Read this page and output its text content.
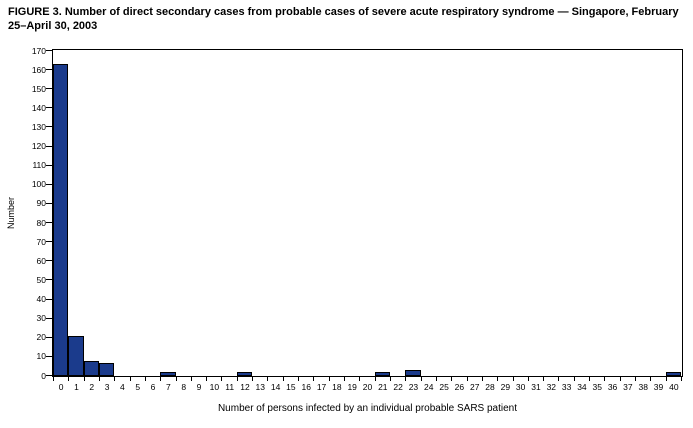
FIGURE 3. Number of direct secondary cases from probable cases of severe acute respiratory syndrome — Singapore, February
25–April 30, 2003
Number
0
10
20
30
40
50
60
70
80
90
100
110
120
130
140
150
160
170
0	1	2	3	4	5	6	7	8	9 10 11 12 13 14 15 16 17 18 19 20 21 22 23 24 25 26 27 28 29 30 31 32 33 34 35 36 37 38 39 40
Number of persons infected by an individual probable SARS patient
